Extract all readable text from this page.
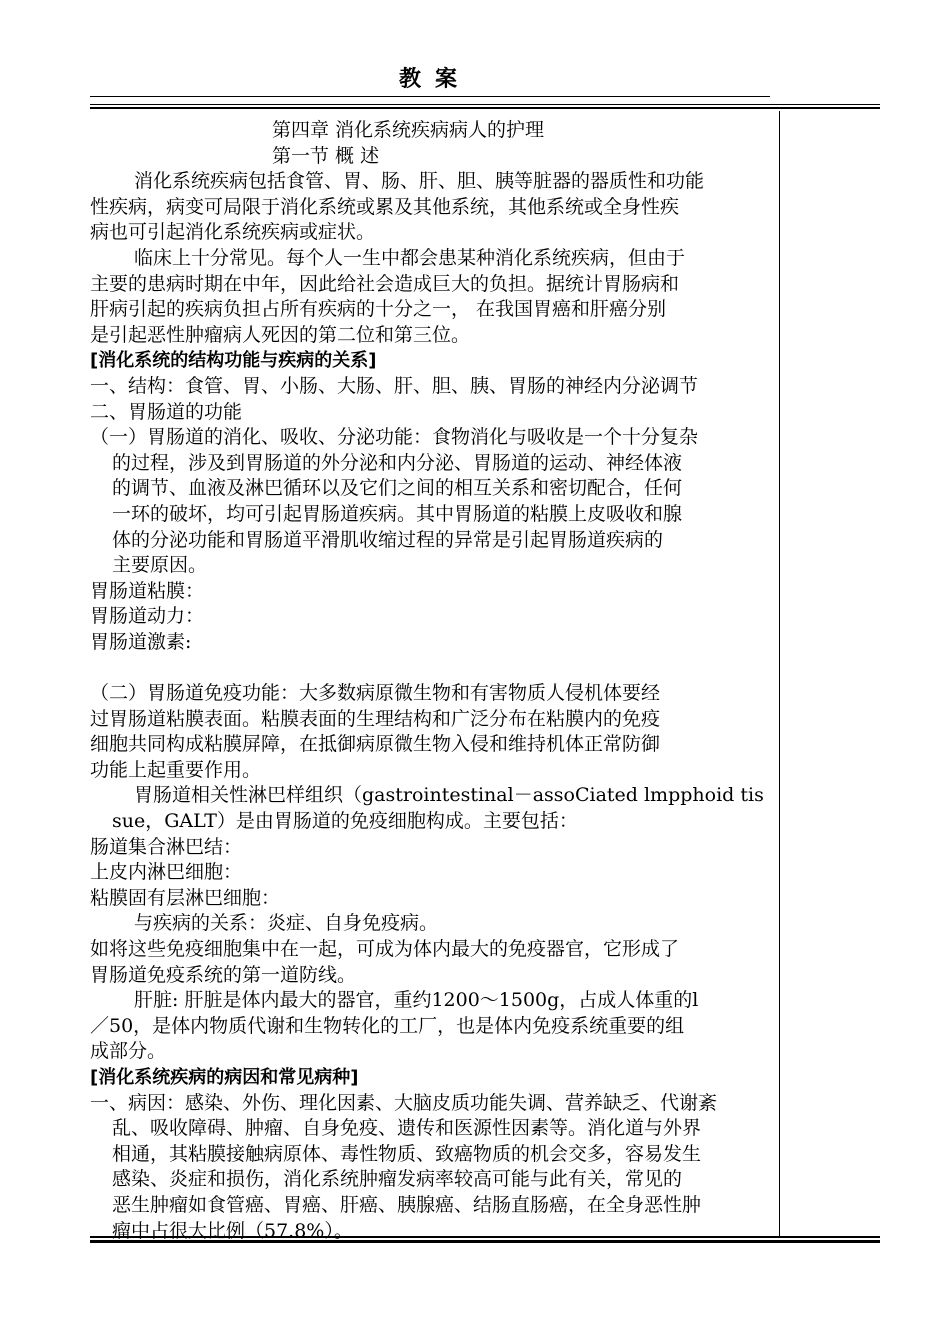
教案
第四章 消化系统疾病病人的护理
第一节 概 述
消化系统疾病包括食管、胃、肠、肝、胆、胰等脏器的器质性和功能
性疾病，病变可局限于消化系统或累及其他系统，其他系统或全身性疾
病也可引起消化系统疾病或症状。
临床上十分常见。每个人一生中都会患某种消化系统疾病，但由于
主要的患病时期在中年，因此给社会造成巨大的负担。据统计胃肠病和
肝病引起的疾病负担占所有疾病的十分之一， 在我国胃癌和肝癌分别
是引起恶性肿瘤病人死因的第二位和第三位。
[消化系统的结构功能与疾病的关系]
一、结构：食管、胃、小肠、大肠、肝、胆、胰、胃肠的神经内分泌调节
二、胃肠道的功能
（一）胃肠道的消化、吸收、分泌功能：食物消化与吸收是一个十分复杂
的过程，涉及到胃肠道的外分泌和内分泌、胃肠道的运动、神经体液
的调节、血液及淋巴循环以及它们之间的相互关系和密切配合，任何
一环的破坏，均可引起胃肠道疾病。其中胃肠道的粘膜上皮吸收和腺
体的分泌功能和胃肠道平滑肌收缩过程的异常是引起胃肠道疾病的
主要原因。
胃肠道粘膜：
胃肠道动力：
胃肠道激素:
（二）胃肠道免疫功能：大多数病原微生物和有害物质人侵机体要经
过胃肠道粘膜表面。粘膜表面的生理结构和广泛分布在粘膜内的免疫
细胞共同构成粘膜屏障，在抵御病原微生物入侵和维持机体正常防御
功能上起重要作用。
胃肠道相关性淋巴样组织（gastrointestinal－assoCiated lmpphoid tis
sue，GALT）是由胃肠道的免疫细胞构成。主要包括：
肠道集合淋巴结：
上皮内淋巴细胞：
粘膜固有层淋巴细胞：
与疾病的关系：炎症、自身免疫病。
如将这些免疫细胞集中在一起，可成为体内最大的免疫器官，它形成了
胃肠道免疫系统的第一道防线。
肝脏: 肝脏是体内最大的器官，重约1200～1500g，占成人体重的l
／50，是体内物质代谢和生物转化的工厂，也是体内免疫系统重要的组
成部分。
[消化系统疾病的病因和常见病种]
一、病因：感染、外伤、理化因素、大脑皮质功能失调、营养缺乏、代谢紊
乱、吸收障碍、肿瘤、自身免疫、遗传和医源性因素等。消化道与外界
相通，其粘膜接触病原体、毒性物质、致癌物质的机会交多，容易发生
感染、炎症和损伤，消化系统肿瘤发病率较高可能与此有关，常见的
恶生肿瘤如食管癌、胃癌、肝癌、胰腺癌、结肠直肠癌，在全身恶性肿
瘤中占很大比例（57.8%）。
